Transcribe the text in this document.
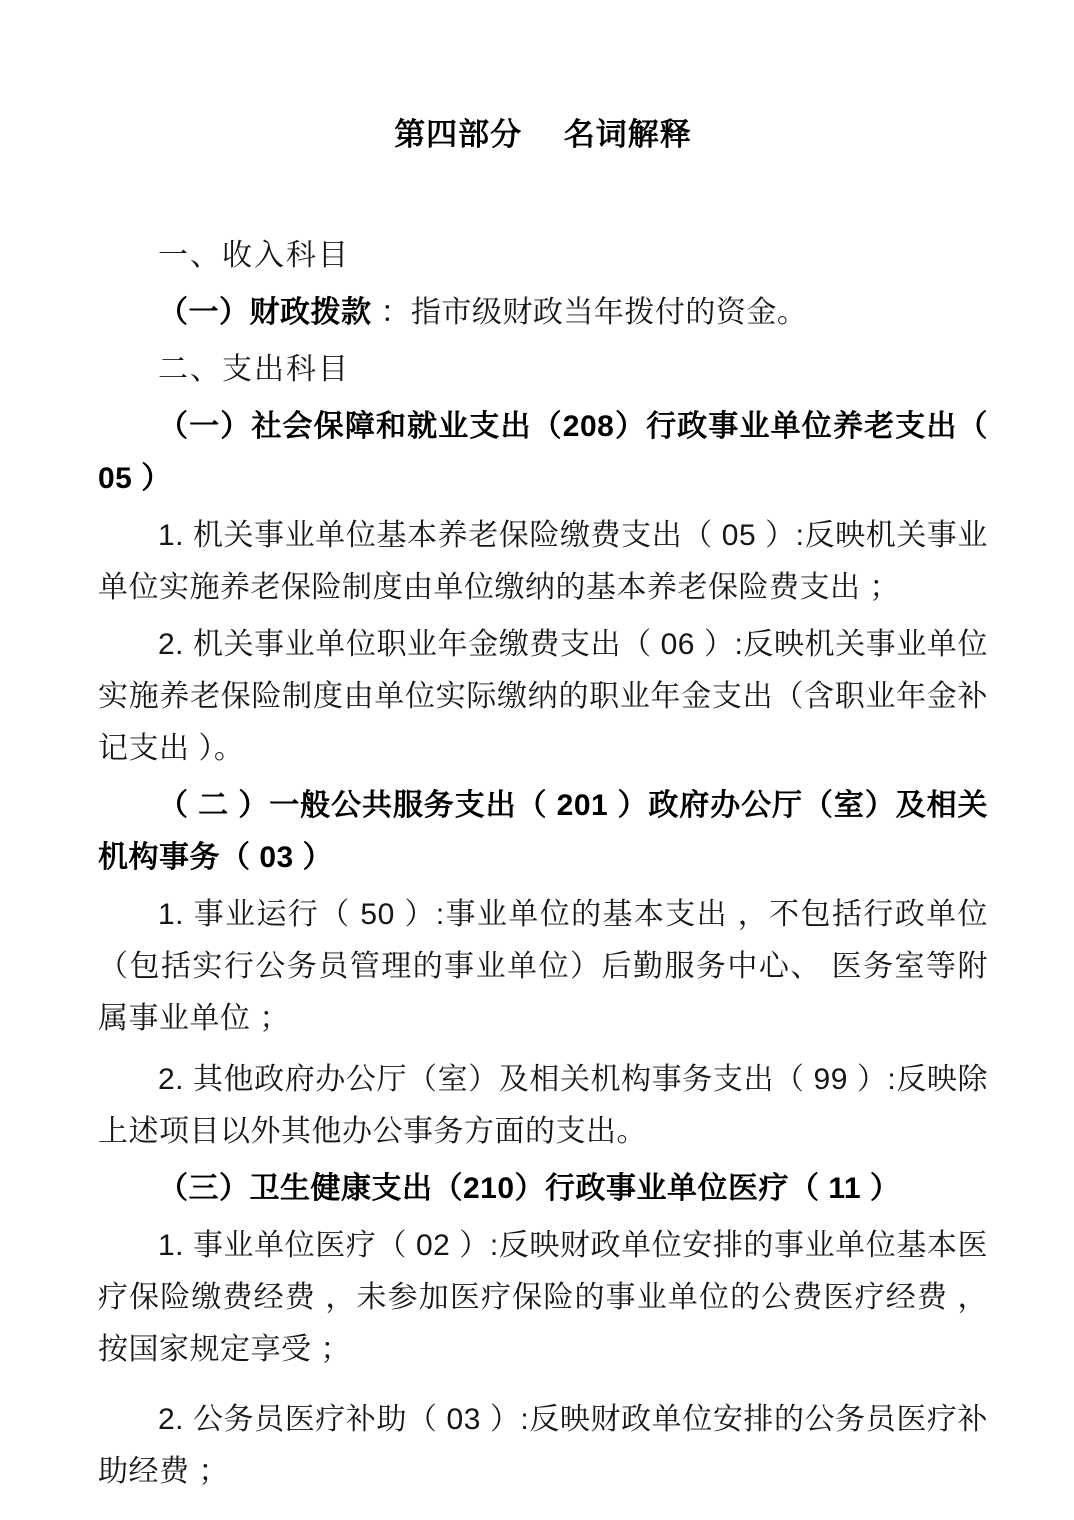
第四部分　 名词解释

一、收入科目

（一）财政拨款 ：指市级财政当年拨付的资金。

二、支出科目

（一）社会保障和就业支出（208）行政事业单位养老支出（ 05 ）

1. 机关事业单位基本养老保险缴费支出（ 05 ）:反映机关事业单位实施养老保险制度由单位缴纳的基本养老保险费支出 ；

2. 机关事业单位职业年金缴费支出（ 06 ）:反映机关事业单位实施养老保险制度由单位实际缴纳的职业年金支出（含职业年金补记支出 ）。

（ 二 ）一般公共服务支出（ 201 ）政府办公厅（室）及相关机构事务（ 03 ）

1. 事业运行（ 50 ）:事业单位的基本支出 ，不包括行政单位（包括实行公务员管理的事业单位）后勤服务中心、 医务室等附属事业单位 ；

2. 其他政府办公厅（室）及相关机构事务支出（ 99 ）:反映除上述项目以外其他办公事务方面的支出。

（三）卫生健康支出（210）行政事业单位医疗（ 11 ）

1. 事业单位医疗（ 02 ）:反映财政单位安排的事业单位基本医疗保险缴费经费 ，未参加医疗保险的事业单位的公费医疗经费 ，按国家规定享受 ；

2. 公务员医疗补助（ 03 ）:反映财政单位安排的公务员医疗补助经费 ；
